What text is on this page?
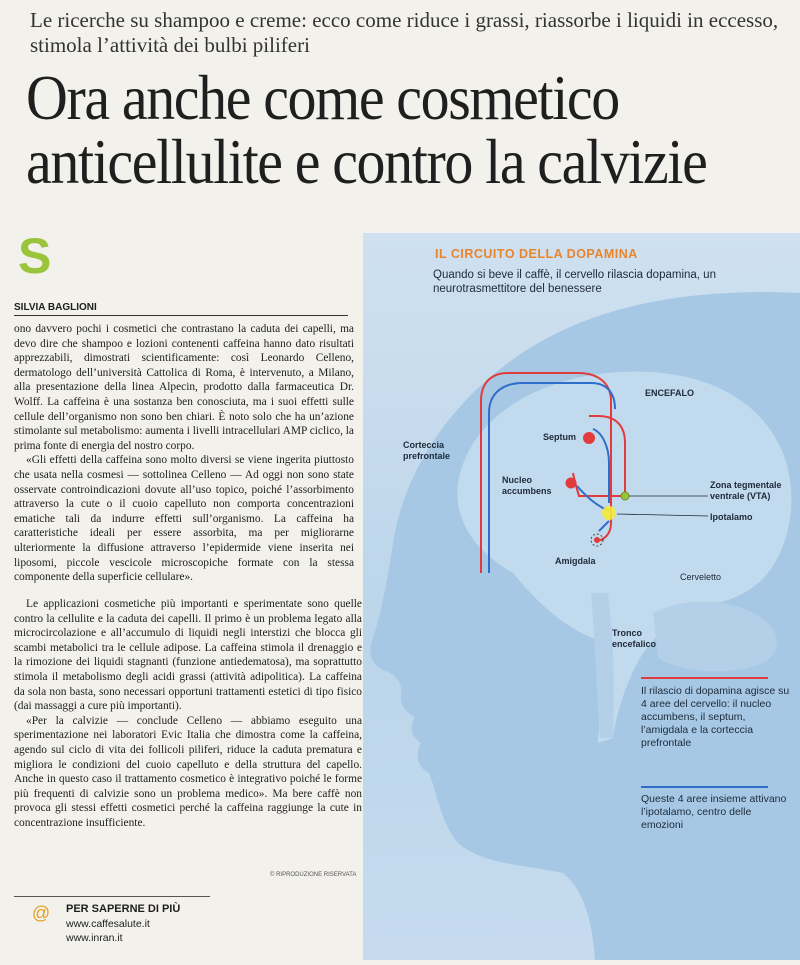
Le ricerche su shampoo e creme: ecco come riduce i grassi, riassorbe i liquidi in eccesso, stimola l’attività dei bulbi piliferi
Ora anche come cosmetico
anticellulite e contro la calvizie
S
SILVIA BAGLIONI

ono davvero pochi i cosmetici che contrastano la caduta dei capelli, ma devo dire che shampoo e lozioni contenenti caffeina hanno dato risultati apprezzabili, dimostrati scientificamente: così Leonardo Celleno, dermatologo dell’università Cattolica di Roma, è intervenuto, a Milano, alla presentazione della linea Alpecin, prodotto dalla farmaceutica Dr. Wolff. La caffeina è una sostanza ben conosciuta, ma i suoi effetti sulle cellule dell’organismo non sono ben chiari. È noto solo che ha un’azione stimolante sul metabolismo: aumenta i livelli intracellulari AMP ciclico, la prima fonte di energia del nostro corpo.

«Gli effetti della caffeina sono molto diversi se viene ingerita piuttosto che usata nella cosmesi — sottolinea Celleno — Ad oggi non sono state osservate controindicazioni dovute all’uso topico, poiché l’assorbimento attraverso la cute o il cuoio capelluto non comporta concentrazioni ematiche tali da indurre effetti sull’organismo. La caffeina ha caratteristiche ideali per essere assorbita, ma per migliorarne ulteriormente la diffusione attraverso l’epidermide viene inserita nei liposomi, piccole vescicole microscopiche formate con la stessa componente della superficie cellulare».

Le applicazioni cosmetiche più importanti e sperimentate sono quelle contro la cellulite e la caduta dei capelli. Il primo è un problema legato alla microcircolazione e all’accumulo di liquidi negli interstizi che blocca gli scambi metabolici tra le cellule adipose. La caffeina stimola il drenaggio e la rimozione dei liquidi stagnanti (funzione antiedematosa), ma soprattutto stimola il metabolismo degli acidi grassi (attività adipolitica). La caffeina da sola non basta, sono necessari opportuni trattamenti estetici di tipo fisico (dai massaggi a cure più importanti).

«Per la calvizie — conclude Celleno — abbiamo eseguito una sperimentazione nei laboratori Evic Italia che dimostra come la caffeina, agendo sul ciclo di vita dei follicoli piliferi, riduce la caduta prematura e migliora le condizioni del cuoio capelluto e della struttura del capello. Anche in questo caso il trattamento cosmetico è integrativo poiché le forme più frequenti di calvizie sono un problema medico». Ma bere caffè non provoca gli stessi effetti cosmetici perché la caffeina raggiunge la cute in concentrazione insufficiente.

© RIPRODUZIONE RISERVATA
@ PER SAPERNE DI PIÙ
www.caffesalute.it
www.inran.it
IL CIRCUITO DELLA DOPAMINA
Quando si beve il caffè, il cervello rilascia dopamina, un neurotrasmettitore del benessere
ENCEFALO
Corteccia prefrontale
Septum
Nucleo accumbens
Zona tegmentale ventrale (VTA)
Ipotalamo
Amigdala
Cerveletto
Tronco encefalico
Il rilascio di dopamina agisce su 4 aree del cervello: il nucleo accumbens, il septum, l’amigdala e la corteccia prefrontale
Queste 4 aree insieme attivano l’ipotalamo, centro delle emozioni
